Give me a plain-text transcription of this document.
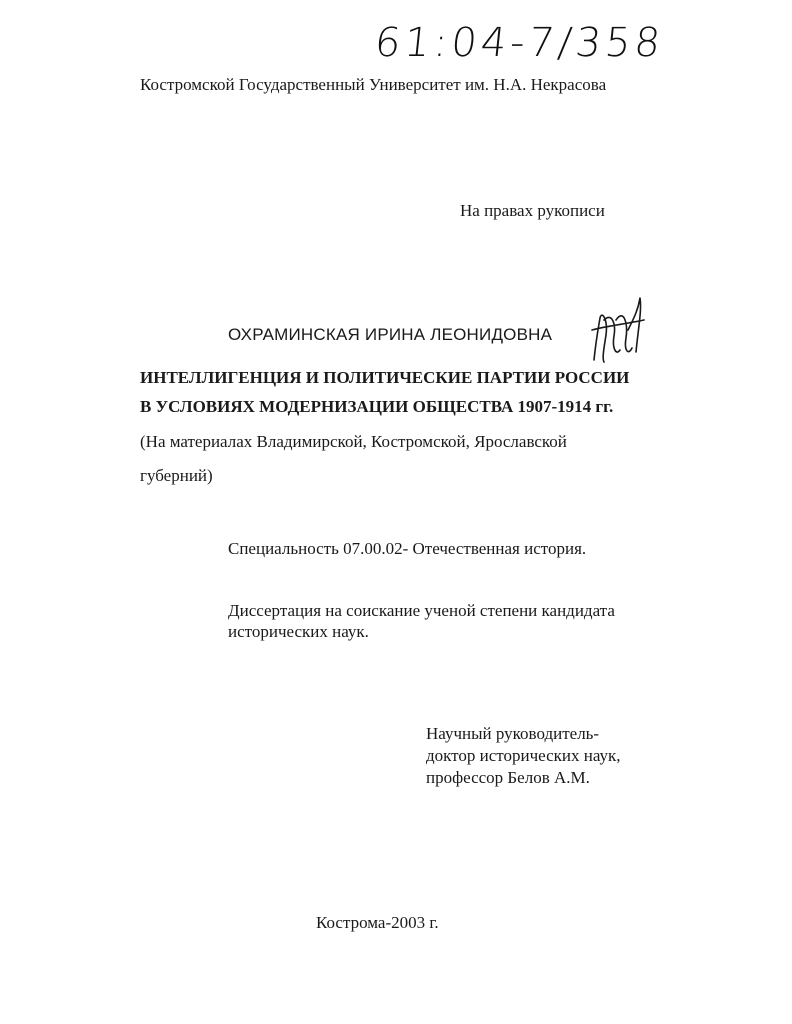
61:04-7/358
Костромской Государственный Университет им. Н.А. Некрасова
На правах рукописи
ОХРАМИНСКАЯ ИРИНА ЛЕОНИДОВНА
ИНТЕЛЛИГЕНЦИЯ И ПОЛИТИЧЕСКИЕ ПАРТИИ РОССИИ
В УСЛОВИЯХ МОДЕРНИЗАЦИИ ОБЩЕСТВА 1907-1914 гг.
(На материалах Владимирской, Костромской, Ярославской
губерний)
Специальность 07.00.02- Отечественная история.
Диссертация на соискание ученой степени кандидата
исторических наук.
Научный руководитель-
доктор исторических наук,
профессор Белов А.М.
Кострома-2003 г.
